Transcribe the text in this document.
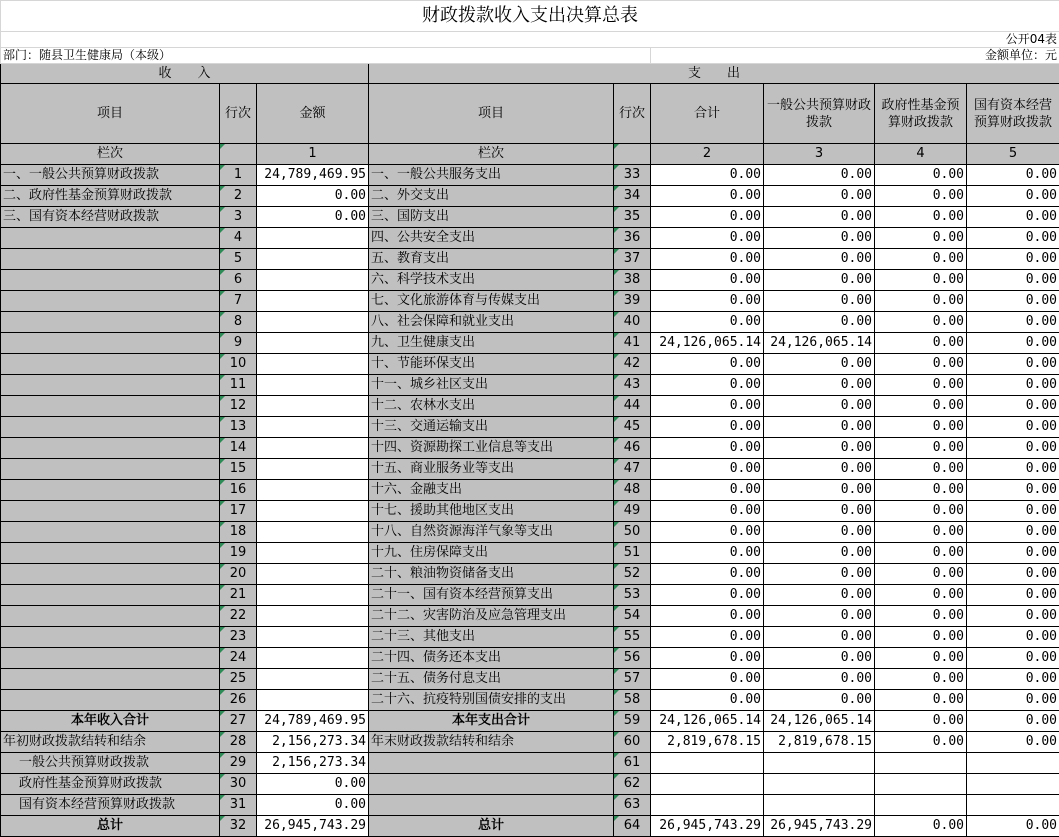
财政拨款收入支出决算总表								

公开04表								
部门：随县卫生健康局（本级）					金额单位：元			
收　　入			支　　出					
项目	行次	金额	项目	行次	合计	一般公共预算财政拨款	政府性基金预算财政拨款	国有资本经营预算财政拨款
栏次		1	栏次		2	3	4	5
一、一般公共预算财政拨款	1	24,789,469.95	一、一般公共服务支出	33	0.00	0.00	0.00	0.00
二、政府性基金预算财政拨款	2	0.00	二、外交支出	34	0.00	0.00	0.00	0.00
三、国有资本经营财政拨款	3	0.00	三、国防支出	35	0.00	0.00	0.00	0.00
	4		四、公共安全支出	36	0.00	0.00	0.00	0.00
	5		五、教育支出	37	0.00	0.00	0.00	0.00
	6		六、科学技术支出	38	0.00	0.00	0.00	0.00
	7		七、文化旅游体育与传媒支出	39	0.00	0.00	0.00	0.00
	8		八、社会保障和就业支出	40	0.00	0.00	0.00	0.00
	9		九、卫生健康支出	41	24,126,065.14	24,126,065.14	0.00	0.00
	10		十、节能环保支出	42	0.00	0.00	0.00	0.00
	11		十一、城乡社区支出	43	0.00	0.00	0.00	0.00
	12		十二、农林水支出	44	0.00	0.00	0.00	0.00
	13		十三、交通运输支出	45	0.00	0.00	0.00	0.00
	14		十四、资源勘探工业信息等支出	46	0.00	0.00	0.00	0.00
	15		十五、商业服务业等支出	47	0.00	0.00	0.00	0.00
	16		十六、金融支出	48	0.00	0.00	0.00	0.00
	17		十七、援助其他地区支出	49	0.00	0.00	0.00	0.00
	18		十八、自然资源海洋气象等支出	50	0.00	0.00	0.00	0.00
	19		十九、住房保障支出	51	0.00	0.00	0.00	0.00
	20		二十、粮油物资储备支出	52	0.00	0.00	0.00	0.00
	21		二十一、国有资本经营预算支出	53	0.00	0.00	0.00	0.00
	22		二十二、灾害防治及应急管理支出	54	0.00	0.00	0.00	0.00
	23		二十三、其他支出	55	0.00	0.00	0.00	0.00
	24		二十四、债务还本支出	56	0.00	0.00	0.00	0.00
	25		二十五、债务付息支出	57	0.00	0.00	0.00	0.00
	26		二十六、抗疫特别国债安排的支出	58	0.00	0.00	0.00	0.00
本年收入合计	27	24,789,469.95	本年支出合计	59	24,126,065.14	24,126,065.14	0.00	0.00
年初财政拨款结转和结余	28	2,156,273.34	年末财政拨款结转和结余	60	2,819,678.15	2,819,678.15	0.00	0.00
一般公共预算财政拨款	29	2,156,273.34		61				
政府性基金预算财政拨款	30	0.00		62				
国有资本经营预算财政拨款	31	0.00		63				
总计	32	26,945,743.29	总计	64	26,945,743.29	26,945,743.29	0.00	0.00
